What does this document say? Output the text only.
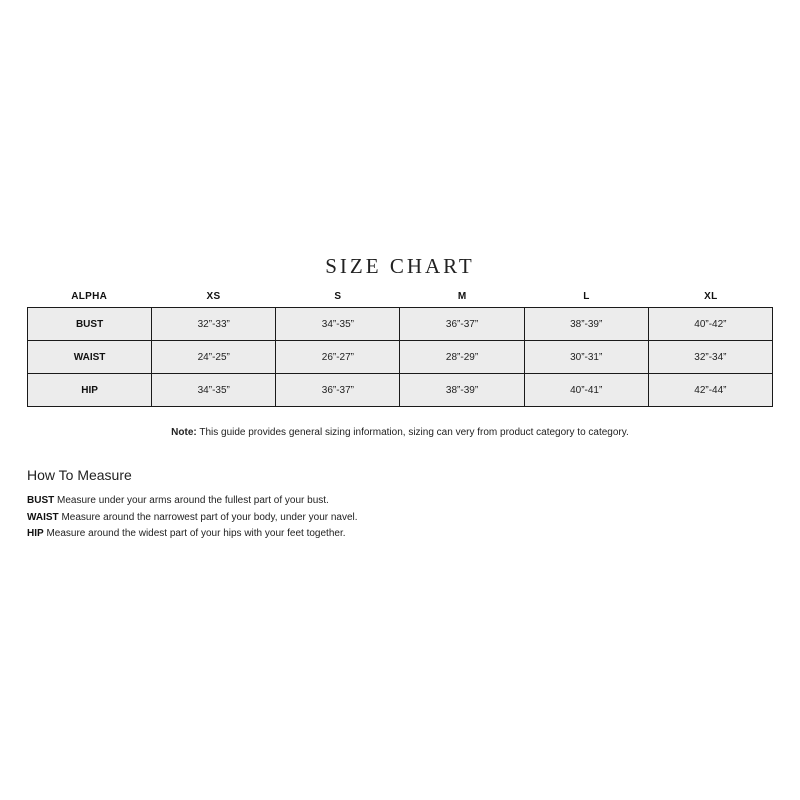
SIZE CHART
ALPHA	XS	S	M	L	XL
BUST	32”-33”	34”-35”	36”-37”	38”-39”	40”-42”
WAIST	24”-25”	26”-27”	28”-29”	30”-31”	32”-34”
HIP	34”-35”	36”-37”	38”-39”	40”-41”	42”-44”
Note: This guide provides general sizing information, sizing can very from product category to category.
How To Measure
BUST Measure under your arms around the fullest part of your bust.
WAIST Measure around the narrowest part of your body, under your navel.
HIP Measure around the widest part of your hips with your feet together.
